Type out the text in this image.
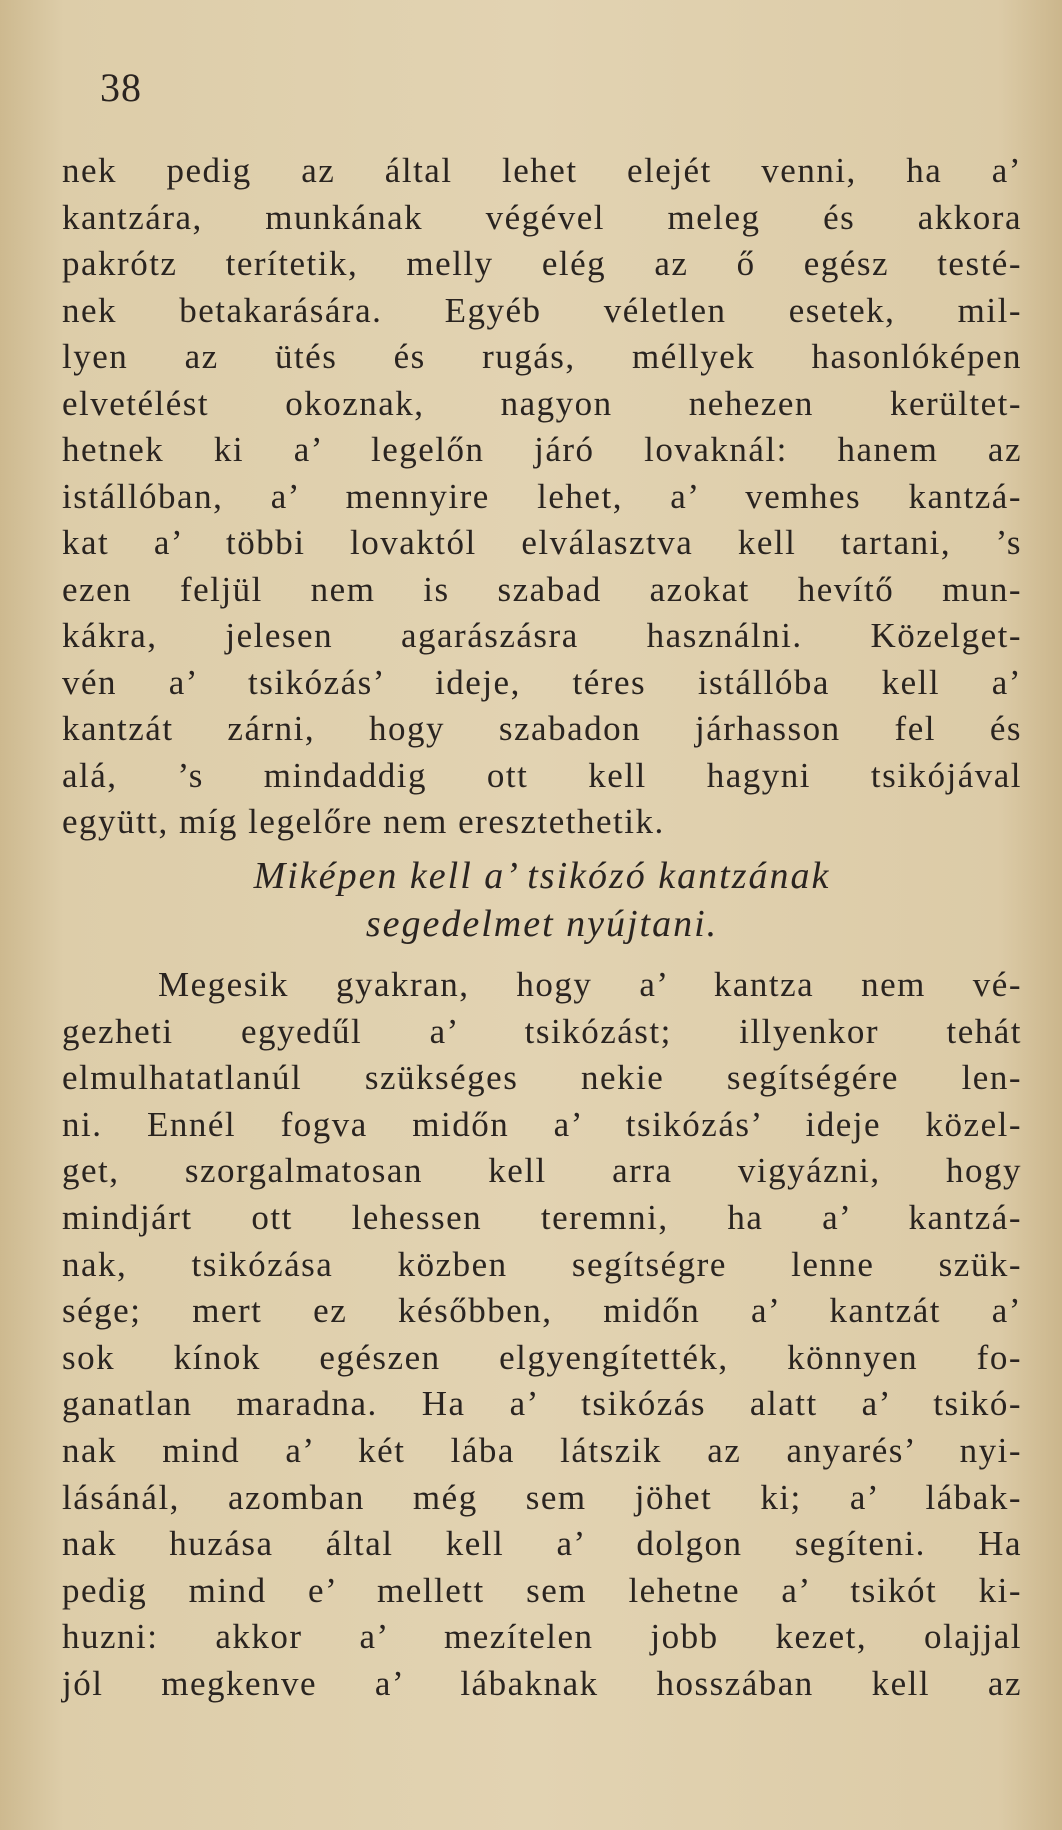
38
nek pedig az által lehet elejét venni, ha a’
kantzára, munkának végével meleg és akkora
pakrótz terítetik, melly elég az ő egész testé-
nek betakarására. Egyéb véletlen esetek, mil-
lyen az ütés és rugás, méllyek hasonlóképen
elvetélést okoznak, nagyon nehezen kerültet-
hetnek ki a’ legelőn járó lovaknál: hanem az
istállóban, a’ mennyire lehet, a’ vemhes kantzá-
kat a’ többi lovaktól elválasztva kell tartani, ’s
ezen feljül nem is szabad azokat hevítő mun-
kákra, jelesen agarászásra használni. Közelget-
vén a’ tsikózás’ ideje, téres istállóba kell a’
kantzát zárni, hogy szabadon járhasson fel és
alá, ’s mindaddig ott kell hagyni tsikójával
együtt, míg legelőre nem eresztethetik.
Miképen kell a’ tsikózó kantzának
segedelmet nyújtani.
Megesik gyakran, hogy a’ kantza nem vé-
gezheti egyedűl a’ tsikózást; illyenkor tehát
elmulhatatlanúl szükséges nekie segítségére len-
ni. Ennél fogva midőn a’ tsikózás’ ideje közel-
get, szorgalmatosan kell arra vigyázni, hogy
mindjárt ott lehessen teremni, ha a’ kantzá-
nak, tsikózása közben segítségre lenne szük-
sége; mert ez későbben, midőn a’ kantzát a’
sok kínok egészen elgyengítették, könnyen fo-
ganatlan maradna. Ha a’ tsikózás alatt a’ tsikó-
nak mind a’ két lába látszik az anyarés’ nyi-
lásánál, azomban még sem jöhet ki; a’ lábak-
nak huzása által kell a’ dolgon segíteni. Ha
pedig mind e’ mellett sem lehetne a’ tsikót ki-
huzni: akkor a’ mezítelen jobb kezet, olajjal
jól megkenve a’ lábaknak hosszában kell az
